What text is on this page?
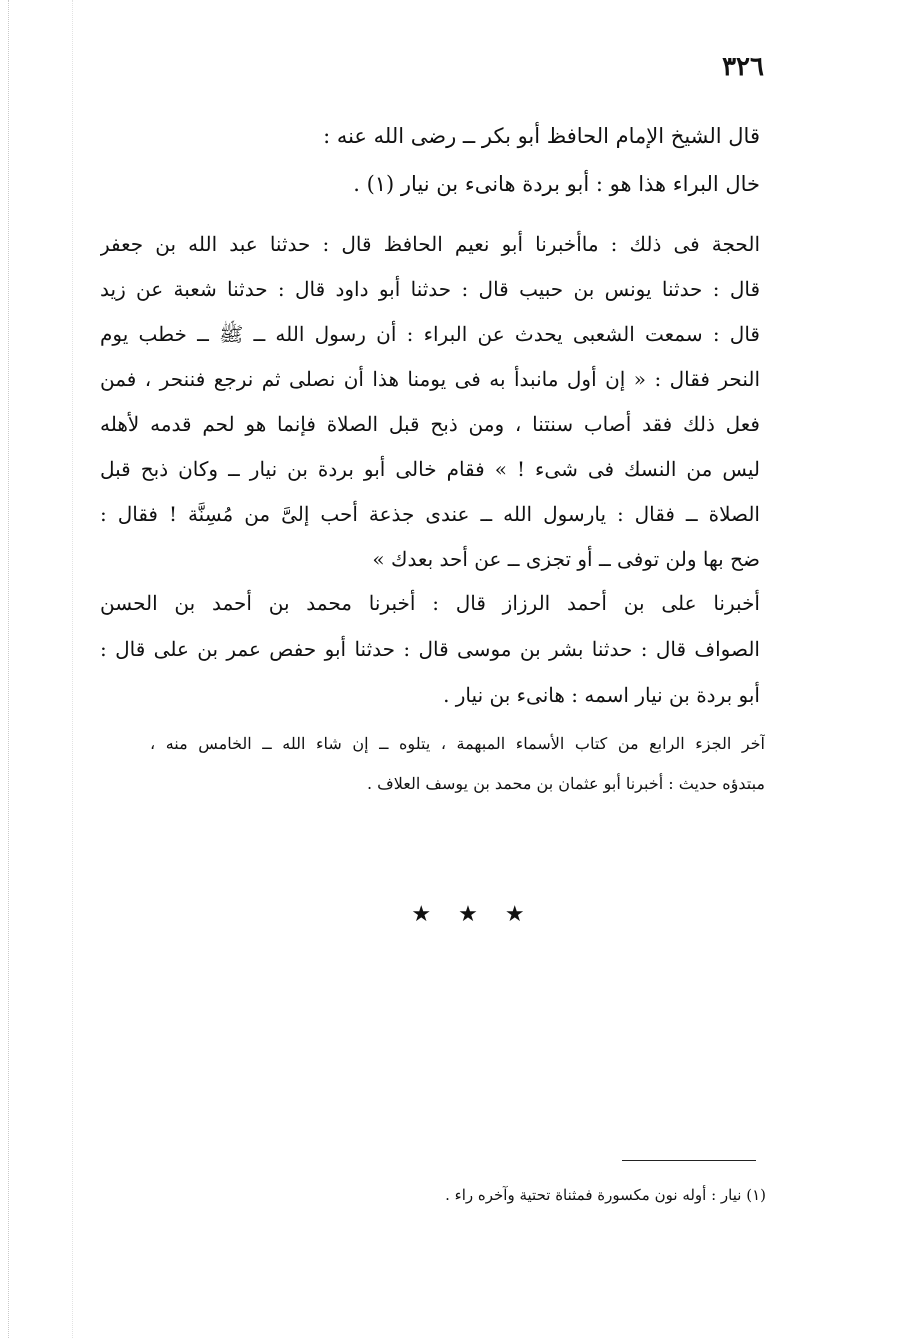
٣٢٦
قال الشيخ الإمام الحافظ أبو بكر ــ رضى الله عنه :
خال البراء هذا هو : أبو بردة هانىء بن نيار (١) .
الحجة فى ذلك : ماأخبرنا أبو نعيم الحافظ قال : حدثنا عبد الله بن جعفر
قال : حدثنا يونس بن حبيب قال : حدثنا أبو داود قال : حدثنا شعبة عن زيد
قال : سمعت الشعبى يحدث عن البراء : أن رسول الله ــ ﷺ ــ خطب يوم
النحر فقال : « إن أول مانبدأ به فى يومنا هذا أن نصلى ثم نرجع فننحر ، فمن
فعل ذلك فقد أصاب سنتنا ، ومن ذبح قبل الصلاة فإنما هو لحم قدمه لأهله
ليس من النسك فى شىء ! » فقام خالى أبو بردة بن نيار ــ وكان ذبح قبل
الصلاة ــ فقال : يارسول الله ــ عندى جذعة أحب إلىَّ من مُسِنَّة ! فقال :
ضح بها ولن توفى ــ أو تجزى ــ عن أحد بعدك »
أخبرنا على بن أحمد الرزاز قال : أخبرنا محمد بن أحمد بن الحسن
الصواف قال : حدثنا بشر بن موسى قال : حدثنا أبو حفص عمر بن على قال :
أبو بردة بن نيار اسمه : هانىء بن نيار .
آخر الجزء الرابع من كتاب الأسماء المبهمة ، يتلوه ــ إن شاء الله ــ الخامس منه ،
مبتدؤه حديث : أخبرنا أبو عثمان بن محمد بن يوسف العلاف .
★ ★ ★
(١) نيار : أوله نون مكسورة فمثناة تحتية وآخره راء .
